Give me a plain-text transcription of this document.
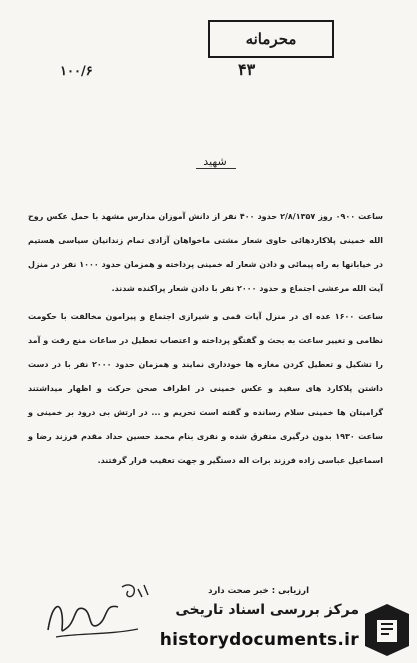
محرمانه
۴۳
۱۰۰/۶
شهید

ساعت ۰۹۰۰ روز ۲/۸/۱۳۵۷ حدود ۴۰۰ نفر از دانش آموزان مدارس مشهد با حمل عکس روح الله خمینی پلاکاردهائی حاوی شعار مشتی ماخواهان آزادی تمام زندانیان سیاسی هستیم در خیابانها به راه پیمائی و دادن شعار له خمینی پرداخته و همزمان حدود ۱۰۰۰ نفر در منزل آیت الله مرعشی اجتماع و حدود ۲۰۰۰ نفر با دادن شعار پراکنده شدند.

ساعت ۱۶۰۰ عده ای در منزل آیات قمی و شیرازی اجتماع و پیرامون مخالفت با حکومت نظامی و تغییر ساعت به بحث و گفتگو پرداخته و اعتصاب تعطیل در ساعات منع رفت و آمد را تشکیل و تعطیل کردن مغازه ها خودداری نمایند و همزمان حدود ۲۰۰۰ نفر با در دست داشتن پلاکارد های سفید و عکس خمینی در اطراف صحن حرکت و اظهار میداشتند گرامیتان ها خمینی سلام رسانده و گفته است تحریم و ... در ارتش بی درود بر خمینی و ساعت ۱۹۳۰ بدون درگیری متفرق شده و نفری بنام محمد حسین حداد مقدم فرزند رضا و اسماعیل عباسی زاده فرزند برات اله دستگیر و جهت تعقیب قرار گرفتند.

ارزیابی : خبر صحت دارد
مرکز بررسی اسناد تاریخی
historydocuments.ir
